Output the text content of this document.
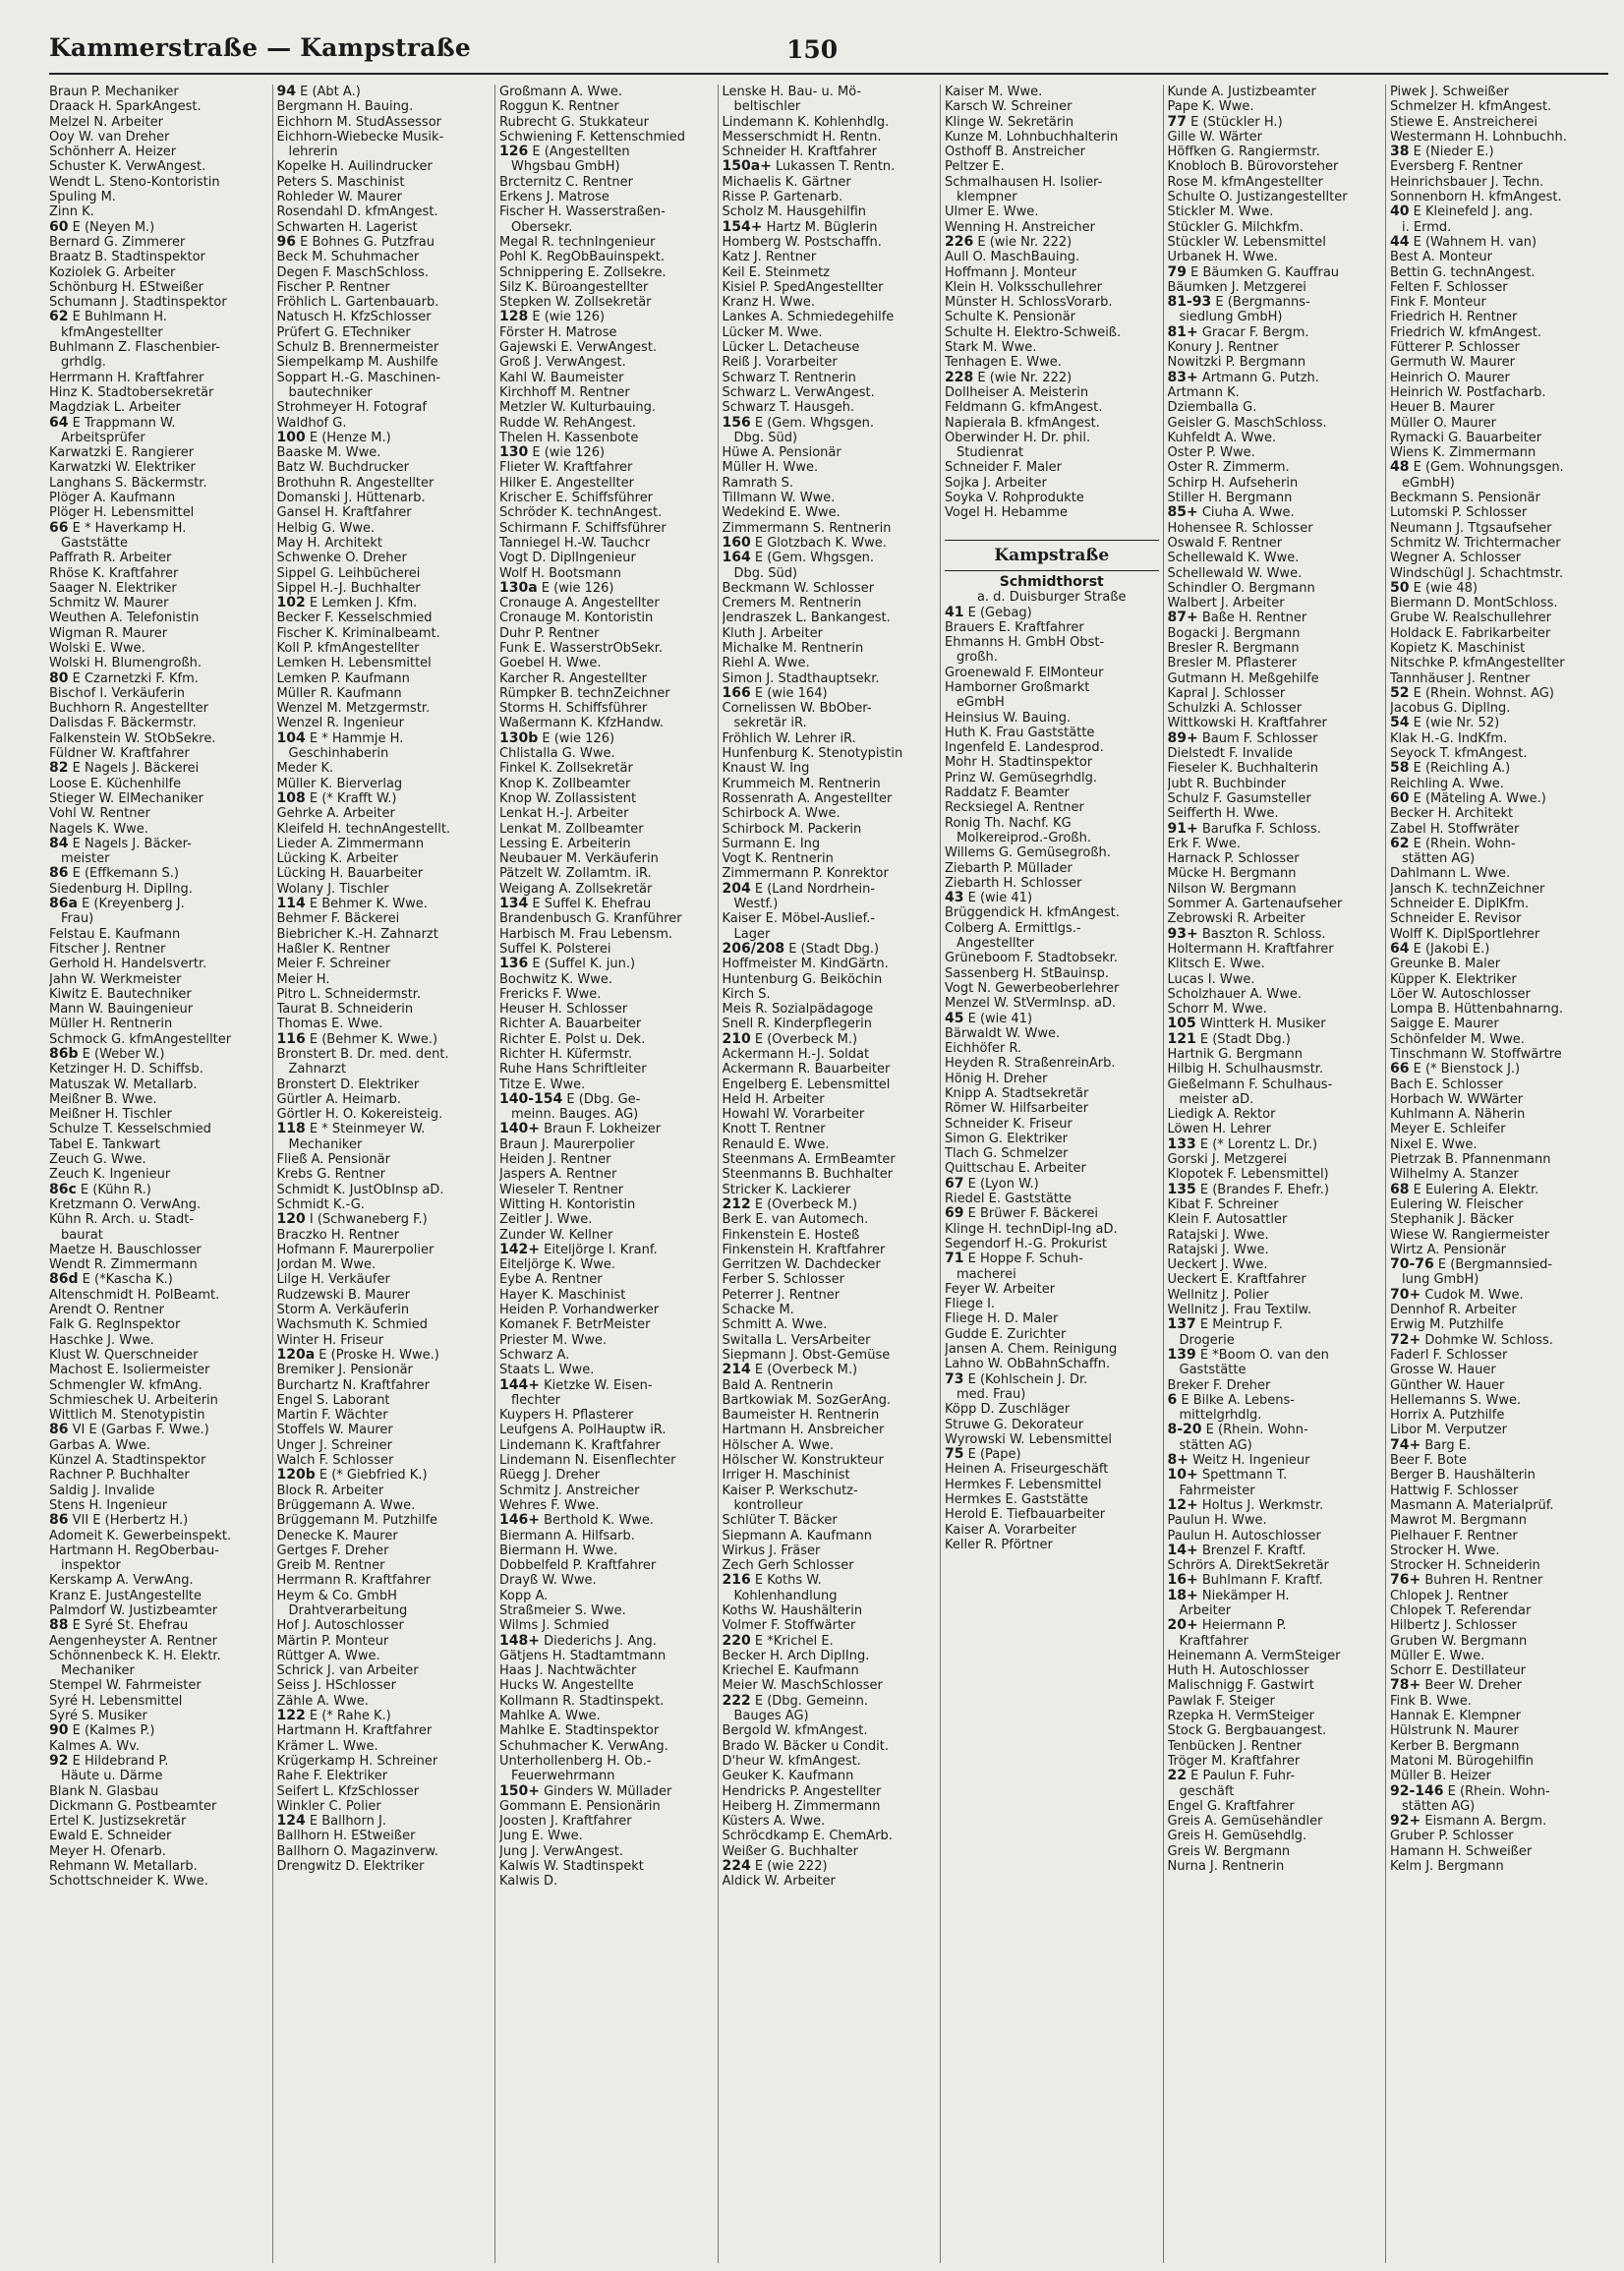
Kammerstraße — Kampstraße	150
Braun P. Mechaniker
Draack H. SparkAngest.
Melzel N. Arbeiter
Ooy W. van Dreher
Schönherr A. Heizer
Schuster K. VerwAngest.
Wendt L. Steno-Kontoristin
Spuling M.
Zinn K.
60 E (Neyen M.)
Bernard G. Zimmerer
Braatz B. Stadtinspektor
Koziolek G. Arbeiter
Schönburg H. EStweißer
Schumann J. Stadtinspektor
62 E Buhlmann H.
kfmAngestellter
Buhlmann Z. Flaschenbier-
grhdlg.
Herrmann H. Kraftfahrer
Hinz K. Stadtobersekretär
Magdziak L. Arbeiter
64 E Trappmann W.
Arbeitsprüfer
Karwatzki E. Rangierer
Karwatzki W. Elektriker
Langhans S. Bäckermstr.
Plöger A. Kaufmann
Plöger H. Lebensmittel
66 E * Haverkamp H.
Gaststätte
Paffrath R. Arbeiter
Rhöse K. Kraftfahrer
Saager N. Elektriker
Schmitz W. Maurer
Weuthen A. Telefonistin
Wigman R. Maurer
Wolski E. Wwe.
Wolski H. Blumengroßh.
80 E Czarnetzki F. Kfm.
Bischof I. Verkäuferin
Buchhorn R. Angestellter
Dalisdas F. Bäckermstr.
Falkenstein W. StObSekre.
Füldner W. Kraftfahrer
82 E Nagels J. Bäckerei
Loose E. Küchenhilfe
Stieger W. ElMechaniker
Vohl W. Rentner
Nagels K. Wwe.
84 E Nagels J. Bäcker-
meister
86 E (Effkemann S.)
Siedenburg H. Dipllng.
86a E (Kreyenberg J.
Frau)
Felstau E. Kaufmann
Fitscher J. Rentner
Gerhold H. Handelsvertr.
Jahn W. Werkmeister
Kiwitz E. Bautechniker
Mann W. Bauingenieur
Müller H. Rentnerin
Schmock G. kfmAngestellter
86b E (Weber W.)
Ketzinger H. D. Schiffsb.
Matuszak W. Metallarb.
Meißner B. Wwe.
Meißner H. Tischler
Schulze T. Kesselschmied
Tabel E. Tankwart
Zeuch G. Wwe.
Zeuch K. Ingenieur
86c E (Kühn R.)
Kretzmann O. VerwAng.
Kühn R. Arch. u. Stadt-
baurat
Maetze H. Bauschlosser
Wendt R. Zimmermann
86d E (*Kascha K.)
Altenschmidt H. PolBeamt.
Arendt O. Rentner
Falk G. Reglnspektor
Haschke J. Wwe.
Klust W. Querschneider
Machost E. Isoliermeister
Schmengler W. kfmAng.
Schmieschek U. Arbeiterin
Wittlich M. Stenotypistin
86 VI E (Garbas F. Wwe.)
Garbas A. Wwe.
Künzel A. Stadtinspektor
Rachner P. Buchhalter
Saldig J. Invalide
Stens H. Ingenieur
86 VII E (Herbertz H.)
Adomeit K. Gewerbeinspekt.
Hartmann H. RegOberbau-
inspektor
Kerskamp A. VerwAng.
Kranz E. JustAngestellte
Palmdorf W. Justizbeamter
88 E Syré St. Ehefrau
Aengenheyster A. Rentner
Schönnenbeck K. H. Elektr.
Mechaniker
Stempel W. Fahrmeister
Syré H. Lebensmittel
Syré S. Musiker
90 E (Kalmes P.)
Kalmes A. Wv.
92 E Hildebrand P.
Häute u. Därme
Blank N. Glasbau
Dickmann G. Postbeamter
Ertel K. Justizsekretär
Ewald E. Schneider
Meyer H. Ofenarb.
Rehmann W. Metallarb.
Schottschneider K. Wwe.
94 E (Abt A.)
Bergmann H. Bauing.
Eichhorn M. StudAssessor
Eichhorn-Wiebecke Musik-
lehrerin
Kopelke H. Auilindrucker
Peters S. Maschinist
Rohleder W. Maurer
Rosendahl D. kfmAngest.
Schwarten H. Lagerist
96 E Bohnes G. Putzfrau
Beck M. Schuhmacher
Degen F. MaschSchloss.
Fischer P. Rentner
Fröhlich L. Gartenbauarb.
Natusch H. KfzSchlosser
Prüfert G. ETechniker
Schulz B. Brennermeister
Siempelkamp M. Aushilfe
Soppart H.-G. Maschinen-
bautechniker
Strohmeyer H. Fotograf
Waldhof G.
100 E (Henze M.)
Baaske M. Wwe.
Batz W. Buchdrucker
Brothuhn R. Angestellter
Domanski J. Hüttenarb.
Gansel H. Kraftfahrer
Helbig G. Wwe.
May H. Architekt
Schwenke O. Dreher
Sippel G. Leihbücherei
Sippel H.-J. Buchhalter
102 E Lemken J. Kfm.
Becker F. Kesselschmied
Fischer K. Kriminalbeamt.
Koll P. kfmAngestellter
Lemken H. Lebensmittel
Lemken P. Kaufmann
Müller R. Kaufmann
Wenzel M. Metzgermstr.
Wenzel R. Ingenieur
104 E * Hammje H.
Geschinhaberin
Meder K.
Müller K. Bierverlag
108 E (* Krafft W.)
Gehrke A. Arbeiter
Kleifeld H. technAngestellt.
Lieder A. Zimmermann
Lücking K. Arbeiter
Lücking H. Bauarbeiter
Wolany J. Tischler
114 E Behmer K. Wwe.
Behmer F. Bäckerei
Biebricher K.-H. Zahnarzt
Haßler K. Rentner
Meier F. Schreiner
Meier H.
Pitro L. Schneidermstr.
Taurat B. Schneiderin
Thomas E. Wwe.
116 E (Behmer K. Wwe.)
Bronstert B. Dr. med. dent.
Zahnarzt
Bronstert D. Elektriker
Gürtler A. Heimarb.
Görtler H. O. Kokereisteig.
118 E * Steinmeyer W.
Mechaniker
Fließ A. Pensionär
Krebs G. Rentner
Schmidt K. JustObInsp aD.
Schmidt K.-G.
120 I (Schwaneberg F.)
Braczko H. Rentner
Hofmann F. Maurerpolier
Jordan M. Wwe.
Lilge H. Verkäufer
Rudzewski B. Maurer
Storm A. Verkäuferin
Wachsmuth K. Schmied
Winter H. Friseur
120a E (Proske H. Wwe.)
Bremiker J. Pensionär
Burchartz N. Kraftfahrer
Engel S. Laborant
Martin F. Wächter
Stoffels W. Maurer
Unger J. Schreiner
Walch F. Schlosser
120b E (* Giebfried K.)
Block R. Arbeiter
Brüggemann A. Wwe.
Brüggemann M. Putzhilfe
Denecke K. Maurer
Gertges F. Dreher
Greib M. Rentner
Herrmann R. Kraftfahrer
Heym & Co. GmbH
Drahtverarbeitung
Hof J. Autoschlosser
Märtin P. Monteur
Rüttger A. Wwe.
Schrick J. van Arbeiter
Seiss J. HSchlosser
Zähle A. Wwe.
122 E (* Rahe K.)
Hartmann H. Kraftfahrer
Krämer L. Wwe.
Krügerkamp H. Schreiner
Rahe F. Elektriker
Seifert L. KfzSchlosser
Winkler C. Polier
124 E Ballhorn J.
Ballhorn H. EStweißer
Ballhorn O. Magazinverw.
Drengwitz D. Elektriker
Großmann A. Wwe.
Roggun K. Rentner
Rubrecht G. Stukkateur
Schwiening F. Kettenschmied
126 E (Angestellten
Whgsbau GmbH)
Brcternitz C. Rentner
Erkens J. Matrose
Fischer H. Wasserstraßen-
Obersekr.
Megal R. technIngenieur
Pohl K. RegObBauinspekt.
Schnippering E. Zollsekre.
Silz K. Büroangestellter
Stepken W. Zollsekretär
128 E (wie 126)
Förster H. Matrose
Gajewski E. VerwAngest.
Groß J. VerwAngest.
Kahl W. Baumeister
Kirchhoff M. Rentner
Metzler W. Kulturbauing.
Rudde W. RehAngest.
Thelen H. Kassenbote
130 E (wie 126)
Flieter W. Kraftfahrer
Hilker E. Angestellter
Krischer E. Schiffsführer
Schröder K. technAngest.
Schirmann F. Schiffsführer
Tanniegel H.-W. Tauchcr
Vogt D. DiplIngenieur
Wolf H. Bootsmann
130a E (wie 126)
Cronauge A. Angestellter
Cronauge M. Kontoristin
Duhr P. Rentner
Funk E. WasserstrObSekr.
Goebel H. Wwe.
Karcher R. Angestellter
Rümpker B. technZeichner
Storms H. Schiffsführer
Waßermann K. KfzHandw.
130b E (wie 126)
Chlistalla G. Wwe.
Finkel K. Zollsekretär
Knop K. Zollbeamter
Knop W. Zollassistent
Lenkat H.-J. Arbeiter
Lenkat M. Zollbeamter
Lessing E. Arbeiterin
Neubauer M. Verkäuferin
Pätzelt W. Zollamtm. iR.
Weigang A. Zollsekretär
134 E Suffel K. Ehefrau
Brandenbusch G. Kranführer
Harbisch M. Frau Lebensm.
Suffel K. Polsterei
136 E (Suffel K. jun.)
Bochwitz K. Wwe.
Frericks F. Wwe.
Heuser H. Schlosser
Richter A. Bauarbeiter
Richter E. Polst u. Dek.
Richter H. Küfermstr.
Ruhe Hans Schriftleiter
Titze E. Wwe.
140-154 E (Dbg. Ge-
meinn. Bauges. AG)
140+ Braun F. Lokheizer
Braun J. Maurerpolier
Heiden J. Rentner
Jaspers A. Rentner
Wieseler T. Rentner
Witting H. Kontoristin
Zeitler J. Wwe.
Zunder W. Kellner
142+ Eiteljörge I. Kranf.
Eiteljörge K. Wwe.
Eybe A. Rentner
Hayer K. Maschinist
Heiden P. Vorhandwerker
Komanek F. BetrMeister
Priester M. Wwe.
Schwarz A.
Staats L. Wwe.
144+ Kietzke W. Eisen-
flechter
Kuypers H. Pflasterer
Leufgens A. PolHauptw iR.
Lindemann K. Kraftfahrer
Lindemann N. Eisenflechter
Rüegg J. Dreher
Schmitz J. Anstreicher
Wehres F. Wwe.
146+ Berthold K. Wwe.
Biermann A. Hilfsarb.
Biermann H. Wwe.
Dobbelfeld P. Kraftfahrer
Drayß W. Wwe.
Kopp A.
Straßmeier S. Wwe.
Wilms J. Schmied
148+ Diederichs J. Ang.
Gätjens H. Stadtamtmann
Haas J. Nachtwächter
Hucks W. Angestellte
Kollmann R. Stadtinspekt.
Mahlke A. Wwe.
Mahlke E. Stadtinspektor
Schuhmacher K. VerwAng.
Unterhollenberg H. Ob.-
Feuerwehrmann
150+ Ginders W. Müllader
Gommann E. Pensionärin
Joosten J. Kraftfahrer
Jung E. Wwe.
Jung J. VerwAngest.
Kalwis W. Stadtinspekt
Kalwis D.
Lenske H. Bau- u. Mö-
beltischler
Lindemann K. Kohlenhdlg.
Messerschmidt H. Rentn.
Schneider H. Kraftfahrer
150a+ Lukassen T. Rentn.
Michaelis K. Gärtner
Risse P. Gartenarb.
Scholz M. Hausgehilfin
154+ Hartz M. Büglerin
Homberg W. Postschaffn.
Katz J. Rentner
Keil E. Steinmetz
Kisiel P. SpedAngestellter
Kranz H. Wwe.
Lankes A. Schmiedegehilfe
Lücker M. Wwe.
Lücker L. Detacheuse
Reiß J. Vorarbeiter
Schwarz T. Rentnerin
Schwarz L. VerwAngest.
Schwarz T. Hausgeh.
156 E (Gem. Whgsgen.
Dbg. Süd)
Hüwe A. Pensionär
Müller H. Wwe.
Ramrath S.
Tillmann W. Wwe.
Wedekind E. Wwe.
Zimmermann S. Rentnerin
160 E Glotzbach K. Wwe.
164 E (Gem. Whgsgen.
Dbg. Süd)
Beckmann W. Schlosser
Cremers M. Rentnerin
Jendraszek L. Bankangest.
Kluth J. Arbeiter
Michalke M. Rentnerin
Riehl A. Wwe.
Simon J. Stadthauptsekr.
166 E (wie 164)
Cornelissen W. BbOber-
sekretär iR.
Fröhlich W. Lehrer iR.
Hunfenburg K. Stenotypistin
Knaust W. Ing
Krummeich M. Rentnerin
Rossenrath A. Angestellter
Schirbock A. Wwe.
Schirbock M. Packerin
Surmann E. Ing
Vogt K. Rentnerin
Zimmermann P. Konrektor
204 E (Land Nordrhein-
Westf.)
Kaiser E. Möbel-Auslief.-
Lager
206/208 E (Stadt Dbg.)
Hoffmeister M. KindGärtn.
Huntenburg G. Beiköchin
Kirch S.
Meis R. Sozialpädagoge
Snell R. Kinderpflegerin
210 E (Overbeck M.)
Ackermann H.-J. Soldat
Ackermann R. Bauarbeiter
Engelberg E. Lebensmittel
Held H. Arbeiter
Howahl W. Vorarbeiter
Knott T. Rentner
Renauld E. Wwe.
Steenmans A. ErmBeamter
Steenmanns B. Buchhalter
Stricker K. Lackierer
212 E (Overbeck M.)
Berk E. van Automech.
Finkenstein E. Hosteß
Finkenstein H. Kraftfahrer
Gerritzen W. Dachdecker
Ferber S. Schlosser
Peterrer J. Rentner
Schacke M.
Schmitt A. Wwe.
Switalla L. VersArbeiter
Siepmann J. Obst-Gemüse
214 E (Overbeck M.)
Bald A. Rentnerin
Bartkowiak M. SozGerAng.
Baumeister H. Rentnerin
Hartmann H. Ansbreicher
Hölscher A. Wwe.
Hölscher W. Konstrukteur
Irriger H. Maschinist
Kaiser P. Werkschutz-
kontrolleur
Schlüter T. Bäcker
Siepmann A. Kaufmann
Wirkus J. Fräser
Zech Gerh Schlosser
216 E Koths W.
Kohlenhandlung
Koths W. Haushälterin
Volmer F. Stoffwärter
220 E *Krichel E.
Becker H. Arch DiplIng.
Kriechel E. Kaufmann
Meier W. MaschSchlosser
222 E (Dbg. Gemeinn.
Bauges AG)
Bergold W. kfmAngest.
Brado W. Bäcker u Condit.
D'heur W. kfmAngest.
Geuker K. Kaufmann
Hendricks P. Angestellter
Heiberg H. Zimmermann
Küsters A. Wwe.
Schröcdkamp E. ChemArb.
Weißer G. Buchhalter
224 E (wie 222)
Aldick W. Arbeiter
Kaiser M. Wwe.
Karsch W. Schreiner
Klinge W. Sekretärin
Kunze M. Lohnbuchhalterin
Osthoff B. Anstreicher
Peltzer E.
Schmalhausen H. Isolier-
klempner
Ulmer E. Wwe.
Wenning H. Anstreicher
226 E (wie Nr. 222)
Aull O. MaschBauing.
Hoffmann J. Monteur
Klein H. Volksschullehrer
Münster H. SchlossVorarb.
Schulte K. Pensionär
Schulte H. Elektro-Schweiß.
Stark M. Wwe.
Tenhagen E. Wwe.
228 E (wie Nr. 222)
Dollheiser A. Meisterin
Feldmann G. kfmAngest.
Napierala B. kfmAngest.
Oberwinder H. Dr. phil.
Studienrat
Schneider F. Maler
Sojka J. Arbeiter
Soyka V. Rohprodukte
Vogel H. Hebamme

Kampstraße
Schmidthorst
a. d. Duisburger Straße
41 E (Gebag)
Brauers E. Kraftfahrer
Ehmanns H. GmbH Obst-
großh.
Groenewald F. ElMonteur
Hamborner Großmarkt
eGmbH
Heinsius W. Bauing.
Huth K. Frau Gaststätte
Ingenfeld E. Landesprod.
Mohr H. Stadtinspektor
Prinz W. Gemüsegrhdlg.
Raddatz F. Beamter
Recksiegel A. Rentner
Ronig Th. Nachf. KG
Molkereiprod.-Großh.
Willems G. Gemüsegroßh.
Ziebarth P. Müllader
Ziebarth H. Schlosser
43 E (wie 41)
Brüggendick H. kfmAngest.
Colberg A. Ermittlgs.-
Angestellter
Grüneboom F. Stadtobsekr.
Sassenberg H. StBauinsp.
Vogt N. Gewerbeoberlehrer
Menzel W. StVermInsp. aD.
45 E (wie 41)
Bärwaldt W. Wwe.
Eichhöfer R.
Heyden R. StraßenreinArb.
Hönig H. Dreher
Knipp A. Stadtsekretär
Römer W. Hilfsarbeiter
Schneider K. Friseur
Simon G. Elektriker
Tlach G. Schmelzer
Quittschau E. Arbeiter
67 E (Lyon W.)
Riedel E. Gaststätte
69 E Brüwer F. Bäckerei
Klinge H. technDipl-Ing aD.
Segendorf H.-G. Prokurist
71 E Hoppe F. Schuh-
macherei
Feyer W. Arbeiter
Fliege I.
Fliege H. D. Maler
Gudde E. Zurichter
Jansen A. Chem. Reinigung
Lahno W. ObBahnSchaffn.
73 E (Kohlschein J. Dr.
med. Frau)
Köpp D. Zuschläger
Struwe G. Dekorateur
Wyrowski W. Lebensmittel
75 E (Pape)
Heinen A. Friseurgeschäft
Hermkes F. Lebensmittel
Hermkes E. Gaststätte
Herold E. Tiefbauarbeiter
Kaiser A. Vorarbeiter
Keller R. Pförtner
Kunde A. Justizbeamter
Pape K. Wwe.
77 E (Stückler H.)
Gille W. Wärter
Höffken G. Rangiermstr.
Knobloch B. Bürovorsteher
Rose M. kfmAngestellter
Schulte O. Justizangestellter
Stickler M. Wwe.
Stückler G. Milchkfm.
Stückler W. Lebensmittel
Urbanek H. Wwe.
79 E Bäumken G. Kauffrau
Bäumken J. Metzgerei
81-93 E (Bergmanns-
siedlung GmbH)
81+ Gracar F. Bergm.
Konury J. Rentner
Nowitzki P. Bergmann
83+ Artmann G. Putzh.
Artmann K.
Dziemballa G.
Geisler G. MaschSchloss.
Kuhfeldt A. Wwe.
Oster P. Wwe.
Oster R. Zimmerm.
Schirp H. Aufseherin
Stiller H. Bergmann
85+ Ciuha A. Wwe.
Hohensee R. Schlosser
Oswald F. Rentner
Schellewald K. Wwe.
Schellewald W. Wwe.
Schindler O. Bergmann
Walbert J. Arbeiter
87+ Baße H. Rentner
Bogacki J. Bergmann
Bresler R. Bergmann
Bresler M. Pflasterer
Gutmann H. Meßgehilfe
Kapral J. Schlosser
Schulzki A. Schlosser
Wittkowski H. Kraftfahrer
89+ Baum F. Schlosser
Dielstedt F. Invalide
Fieseler K. Buchhalterin
Jubt R. Buchbinder
Schulz F. Gasumsteller
Seifferth H. Wwe.
91+ Barufka F. Schloss.
Erk F. Wwe.
Harnack P. Schlosser
Mücke H. Bergmann
Nilson W. Bergmann
Sommer A. Gartenaufseher
Zebrowski R. Arbeiter
93+ Baszton R. Schloss.
Holtermann H. Kraftfahrer
Klitsch E. Wwe.
Lucas I. Wwe.
Scholzhauer A. Wwe.
Schorr M. Wwe.
105 Wintterk H. Musiker
121 E (Stadt Dbg.)
Hartnik G. Bergmann
Hilbig H. Schulhausmstr.
Gießelmann F. Schulhaus-
meister aD.
Liedigk A. Rektor
Löwen H. Lehrer
133 E (* Lorentz L. Dr.)
Gorski J. Metzgerei
Klopotek F. Lebensmittel)
135 E (Brandes F. Ehefr.)
Kibat F. Schreiner
Klein F. Autosattler
Ratajski J. Wwe.
Ratajski J. Wwe.
Ueckert J. Wwe.
Ueckert E. Kraftfahrer
Wellnitz J. Polier
Wellnitz J. Frau Textilw.
137 E Meintrup F.
Drogerie
139 E *Boom O. van den
Gaststätte
Breker F. Dreher
6 E Bilke A. Lebens-
mittelgrhdlg.
8-20 E (Rhein. Wohn-
stätten AG)
8+ Weitz H. Ingenieur
10+ Spettmann T.
Fahrmeister
12+ Holtus J. Werkmstr.
Paulun H. Wwe.
Paulun H. Autoschlosser
14+ Brenzel F. Kraftf.
Schrörs A. DirektSekretär
16+ Buhlmann F. Kraftf.
18+ Niekämper H.
Arbeiter
20+ Heiermann P.
Kraftfahrer
Heinemann A. VermSteiger
Huth H. Autoschlosser
Malischnigg F. Gastwirt
Pawlak F. Steiger
Rzepka H. VermSteiger
Stock G. Bergbauangest.
Tenbücken J. Rentner
Tröger M. Kraftfahrer
22 E Paulun F. Fuhr-
geschäft
Engel G. Kraftfahrer
Greis A. Gemüsehändler
Greis H. Gemüsehdlg.
Greis W. Bergmann
Nurna J. Rentnerin
Piwek J. Schweißer
Schmelzer H. kfmAngest.
Stiewe E. Anstreicherei
Westermann H. Lohnbuchh.
38 E (Nieder E.)
Eversberg F. Rentner
Heinrichsbauer J. Techn.
Sonnenborn H. kfmAngest.
40 E Kleinefeld J. ang.
i. Ermd.
44 E (Wahnem H. van)
Best A. Monteur
Bettin G. technAngest.
Felten F. Schlosser
Fink F. Monteur
Friedrich H. Rentner
Friedrich W. kfmAngest.
Fütterer P. Schlosser
Germuth W. Maurer
Heinrich O. Maurer
Heinrich W. Postfacharb.
Heuer B. Maurer
Müller O. Maurer
Rymacki G. Bauarbeiter
Wiens K. Zimmermann
48 E (Gem. Wohnungsgen.
eGmbH)
Beckmann S. Pensionär
Lutomski P. Schlosser
Neumann J. Ttgsaufseher
Schmitz W. Trichtermacher
Wegner A. Schlosser
Windschügl J. Schachtmstr.
50 E (wie 48)
Biermann D. MontSchloss.
Grube W. Realschullehrer
Holdack E. Fabrikarbeiter
Kopietz K. Maschinist
Nitschke P. kfmAngestellter
Tannhäuser J. Rentner
52 E (Rhein. Wohnst. AG)
Jacobus G. Dipllng.
54 E (wie Nr. 52)
Klak H.-G. IndKfm.
Seyock T. kfmAngest.
58 E (Reichling A.)
Reichling A. Wwe.
60 E (Mäteling A. Wwe.)
Becker H. Architekt
Zabel H. Stoffwräter
62 E (Rhein. Wohn-
stätten AG)
Dahlmann L. Wwe.
Jansch K. technZeichner
Schneider E. DiplKfm.
Schneider E. Revisor
Wolff K. DiplSportlehrer
64 E (Jakobi E.)
Greunke B. Maler
Küpper K. Elektriker
Löer W. Autoschlosser
Lompa B. Hüttenbahnarng.
Saigge E. Maurer
Schönfelder M. Wwe.
Tinschmann W. Stoffwärtre
66 E (* Bienstock J.)
Bach E. Schlosser
Horbach W. WWärter
Kuhlmann A. Näherin
Meyer E. Schleifer
Nixel E. Wwe.
Pietrzak B. Pfannenmann
Wilhelmy A. Stanzer
68 E Eulering A. Elektr.
Eulering W. Fleischer
Stephanik J. Bäcker
Wiese W. Rangiermeister
Wirtz A. Pensionär
70-76 E (Bergmannsied-
lung GmbH)
70+ Cudok M. Wwe.
Dennhof R. Arbeiter
Erwig M. Putzhilfe
72+ Dohmke W. Schloss.
Faderl F. Schlosser
Grosse W. Hauer
Günther W. Hauer
Hellemanns S. Wwe.
Horrix A. Putzhilfe
Libor M. Verputzer
74+ Barg E.
Beer F. Bote
Berger B. Haushälterin
Hattwig F. Schlosser
Masmann A. Materialprüf.
Mawrot M. Bergmann
Pielhauer F. Rentner
Strocker H. Wwe.
Strocker H. Schneiderin
76+ Buhren H. Rentner
Chlopek J. Rentner
Chlopek T. Referendar
Hilbertz J. Schlosser
Gruben W. Bergmann
Müller E. Wwe.
Schorr E. Destillateur
78+ Beer W. Dreher
Fink B. Wwe.
Hannak E. Klempner
Hülstrunk N. Maurer
Kerber B. Bergmann
Matoni M. Bürogehilfin
Müller B. Heizer
92-146 E (Rhein. Wohn-
stätten AG)
92+ Eismann A. Bergm.
Gruber P. Schlosser
Hamann H. Schweißer
Kelm J. Bergmann
